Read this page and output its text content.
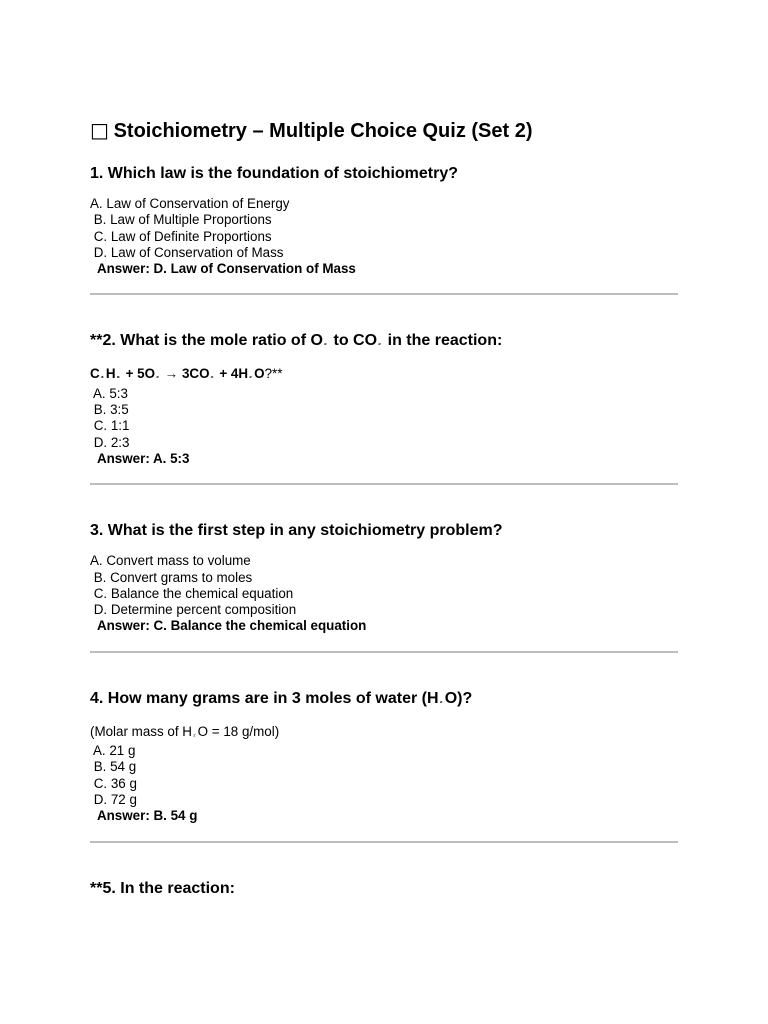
□ Stoichiometry – Multiple Choice Quiz (Set 2)
1. Which law is the foundation of stoichiometry?
A. Law of Conservation of Energy
B. Law of Multiple Proportions
C. Law of Definite Proportions
D. Law of Conservation of Mass
Answer: D. Law of Conservation of Mass
**2. What is the mole ratio of O₂ to CO₂ in the reaction:
C₃ H₈ + 5O₂ → 3CO₂ + 4H₂ O?**
A. 5:3
B. 3:5
C. 1:1
D. 2:3
Answer: A. 5:3
3. What is the first step in any stoichiometry problem?
A. Convert mass to volume
B. Convert grams to moles
C. Balance the chemical equation
D. Determine percent composition
Answer: C. Balance the chemical equation
4. How many grams are in 3 moles of water (H₂ O)?
(Molar mass of H₂ O = 18 g/mol)
A. 21 g
B. 54 g
C. 36 g
D. 72 g
Answer: B. 54 g
**5. In the reaction:
